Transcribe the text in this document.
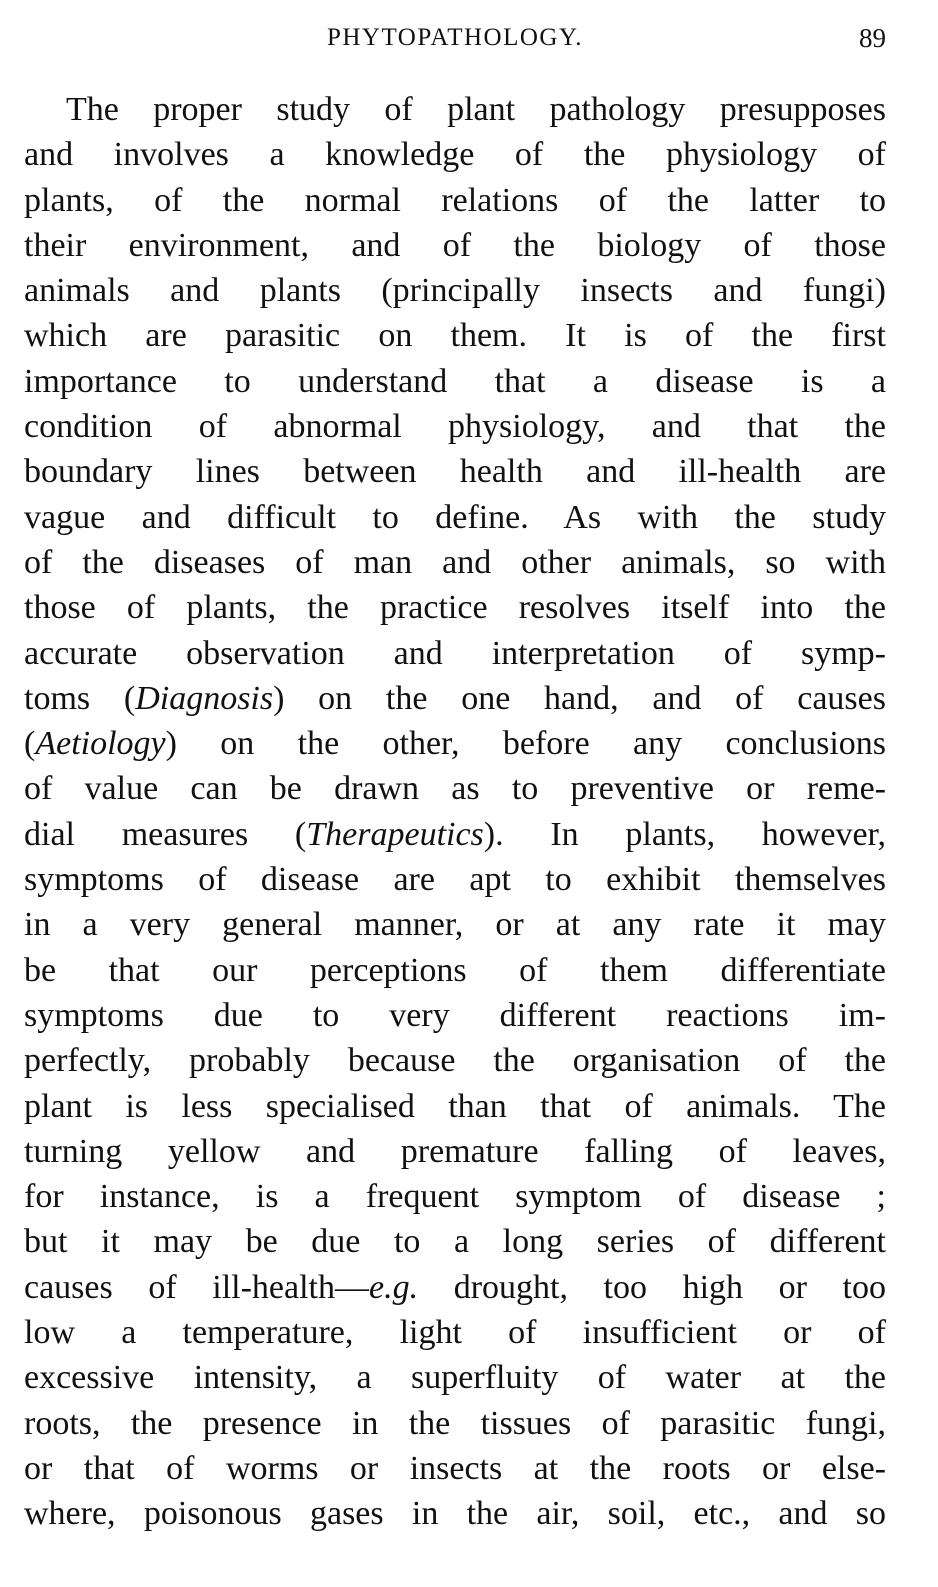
PHYTOPATHOLOGY.	89
The proper study of plant pathology presupposes
and involves a knowledge of the physiology of
plants, of the normal relations of the latter to
their environment, and of the biology of those
animals and plants (principally insects and fungi)
which are parasitic on them. It is of the first
importance to understand that a disease is a
condition of abnormal physiology, and that the
boundary lines between health and ill-health are
vague and difficult to define. As with the study
of the diseases of man and other animals, so with
those of plants, the practice resolves itself into the
accurate observation and interpretation of symp-
toms (Diagnosis) on the one hand, and of causes
(Aetiology) on the other, before any conclusions
of value can be drawn as to preventive or reme-
dial measures (Therapeutics). In plants, however,
symptoms of disease are apt to exhibit themselves
in a very general manner, or at any rate it may
be that our perceptions of them differentiate
symptoms due to very different reactions im-
perfectly, probably because the organisation of the
plant is less specialised than that of animals. The
turning yellow and premature falling of leaves,
for instance, is a frequent symptom of disease ;
but it may be due to a long series of different
causes of ill-health—e.g. drought, too high or too
low a temperature, light of insufficient or of
excessive intensity, a superfluity of water at the
roots, the presence in the tissues of parasitic fungi,
or that of worms or insects at the roots or else-
where, poisonous gases in the air, soil, etc., and so
